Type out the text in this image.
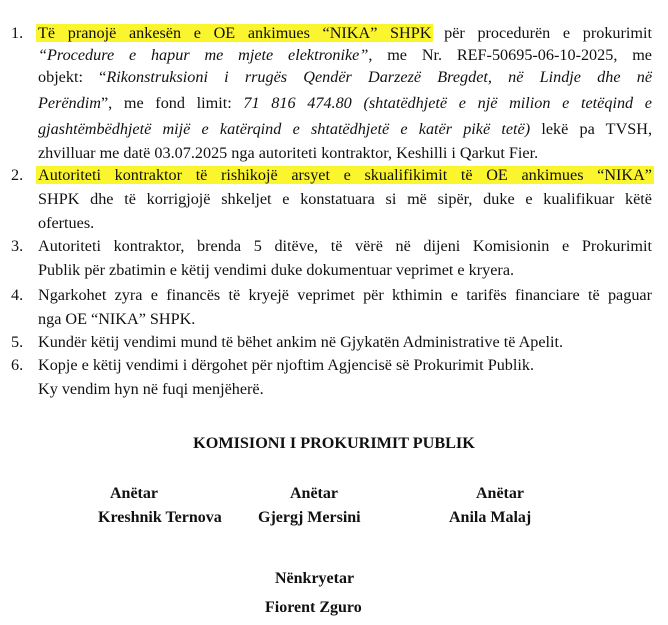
1. Të pranojë ankesën e OE ankimues “NIKA” SHPK për procedurën e prokurimit
“Procedure e hapur me mjete elektronike”, me Nr. REF-50695-06-10-2025, me
objekt: “Rikonstruksioni i rrugës Qendër Darzezë Bregdet, në Lindje dhe në
Perëndim”, me fond limit: 71 816 474.80 (shtatëdhjetë e një milion e tetëqind e
gjashtëmbëdhjetë mijë e katërqind e shtatëdhjetë e katër pikë tetë) lekë pa TVSH,
zhvilluar me datë 03.07.2025 nga autoriteti kontraktor, Keshilli i Qarkut Fier.
2. Autoriteti kontraktor të rishikojë arsyet e skualifikimit të OE ankimues “NIKA”
SHPK dhe të korrigjojë shkeljet e konstatuara si më sipër, duke e kualifikuar këtë
ofertues.
3. Autoriteti kontraktor, brenda 5 ditëve, të vërë në dijeni Komisionin e Prokurimit
Publik për zbatimin e këtij vendimi duke dokumentuar veprimet e kryera.
4. Ngarkohet zyra e financës të kryejë veprimet për kthimin e tarifës financiare të paguar
nga OE “NIKA” SHPK.
5. Kundër këtij vendimi mund të bëhet ankim në Gjykatën Administrative të Apelit.
6. Kopje e këtij vendimi i dërgohet për njoftim Agjencisë së Prokurimit Publik.
Ky vendim hyn në fuqi menjëherë.
KOMISIONI I PROKURIMIT PUBLIK
Anëtar
Kreshnik Ternova
Anëtar
Gjergj Mersini
Anëtar
Anila Malaj
Nënkryetar
Fiorent Zguro
